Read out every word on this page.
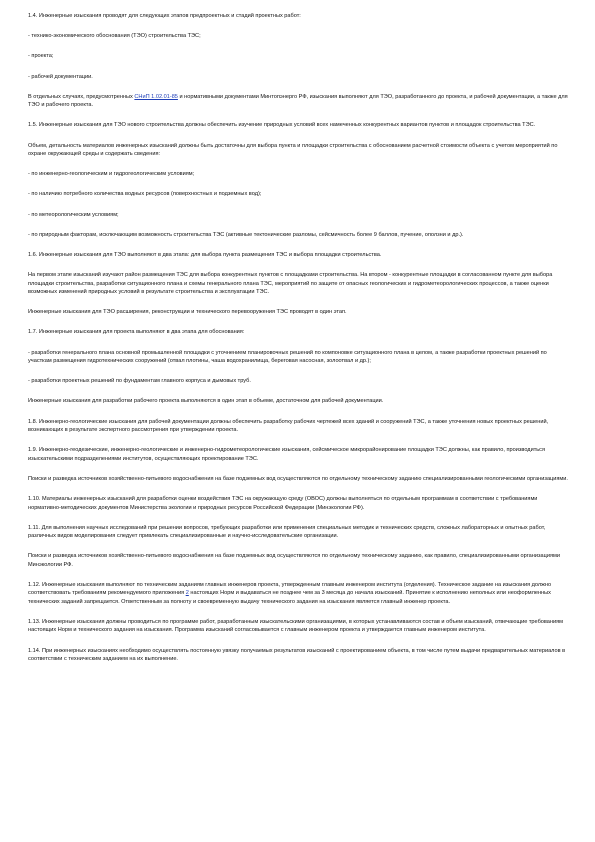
1.4. Инженерные изыскания проводят для следующих этапов предпроектных и стадий проектных работ:

- технико-экономического обоснования (ТЭО) строительства ТЭС;

- проекта;

- рабочей документации.

В отдельных случаях, предусмотренных СНиП 1.02.01-85 и нормативными документами Минтопэнерго РФ, изыскания выполняют для ТЭО, разработанного до проекта, и рабочей документации, а также для ТЭО и рабочего проекта.

1.5. Инженерные изыскания для ТЭО нового строительства должны обеспечить изучение природных условий всех намеченных конкурентных вариантов пунктов и площадок строительства ТЭС.

Объем, детальность материалов инженерных изысканий должны быть достаточны для выбора пункта и площадки строительства с обоснованием расчетной стоимости объекта с учетом мероприятий по охране окружающей среды и содержать сведения:

- по инженерно-геологическим и гидрогеологическим условиям;

- по наличию потребного количества водных ресурсов (поверхностных и подземных вод);

- по метеорологическим условиям;

- по природным факторам, исключающим возможность строительства ТЭС (активные тектонические разломы, сейсмичность более 9 баллов, пучение, оползни и др.).

1.6. Инженерные изыскания для ТЭО выполняют в два этапа: для выбора пункта размещения ТЭС и выбора площадки строительства.

На первом этапе изысканий изучают район размещения ТЭС для выбора конкурентных пунктов с площадками строительства. На втором - конкурентные площадки в согласованном пункте для выбора площадки строительства, разработки ситуационного плана и схемы генерального плана ТЭС, мероприятий по защите от опасных геологических и гидрометеорологических процессов, а также оценки возможных изменений природных условий в результате строительства и эксплуатации ТЭС.

Инженерные изыскания для ТЭО расширения, реконструкции и технического перевооружения ТЭС проводят в один этап.

1.7. Инженерные изыскания для проекта выполняют в два этапа для обоснования:

- разработки генерального плана основной промышленной площадки с уточнением планировочных решений по компоновке ситуационного плана в целом, а также разработки проектных решений по участкам размещения гидротехнических сооружений (отвал плотины, чаша водохранилища, береговая насосная, золоотвал и др.);

- разработки проектных решений по фундаментам главного корпуса и дымовых труб.

Инженерные изыскания для разработки рабочего проекта выполняются в один этап в объеме, достаточном для рабочей документации.

1.8. Инженерно-геологические изыскания для рабочей документации должны обеспечить разработку рабочих чертежей всех зданий и сооружений ТЭС, а также уточнения новых проектных решений, возникающих в результате экспертного рассмотрения при утверждении проекта.

1.9. Инженерно-геодезические, инженерно-геологические и инженерно-гидрометеорологические изыскания, сейсмическое микрорайонирование площадки ТЭС должны, как правило, производиться изыскательскими подразделениями институтов, осуществляющих проектирование ТЭС.

Поиски и разведка источников хозяйственно-питьевого водоснабжения на базе подземных вод осуществляются по отдельному техническому заданию специализированными геологическими организациями.

1.10. Материалы инженерных изысканий для разработки оценки воздействия ТЭС на окружающую среду (ОВОС) должны выполняться по отдельным программам в соответствии с требованиями нормативно-методических документов Министерства экологии и природных ресурсов Российской Федерации (Минэкологии РФ).

1.11. Для выполнения научных исследований при решении вопросов, требующих разработки или применения специальных методик и технических средств, сложных лабораторных и опытных работ, различных видов моделирования следует привлекать специализированные и научно-исследовательские организации.

Поиски и разведка источников хозяйственно-питьевого водоснабжения на базе подземных вод осуществляются по отдельному техническому заданию, как правило, специализированными организациями Минэкологии РФ.

1.12. Инженерные изыскания выполняют по техническим заданиям главных инженеров проекта, утвержденным главным инженером института (отделения). Техническое задание на изыскания должно соответствовать требованиям рекомендуемого приложения 2 настоящих Норм и выдаваться не позднее чем за 3 месяца до начала изысканий. Принятие к исполнению неполных или неоформленных технических заданий запрещается. Ответственным за полноту и своевременную выдачу технического задания на изыскания является главный инженер проекта.

1.13. Инженерные изыскания должны проводиться по программе работ, разработанным изыскательскими организациями, в которых устанавливаются состав и объем изысканий, отвечающие требованиям настоящих Норм и технического задания на изыскания. Программа изысканий согласовывается с главным инженером проекта и утверждается главным инженером института.

1.14. При инженерных изысканиях необходимо осуществлять постоянную увязку получаемых результатов изысканий с проектированием объекта, в том числе путем выдачи предварительных материалов в соответствии с техническим заданием на их выполнение.
